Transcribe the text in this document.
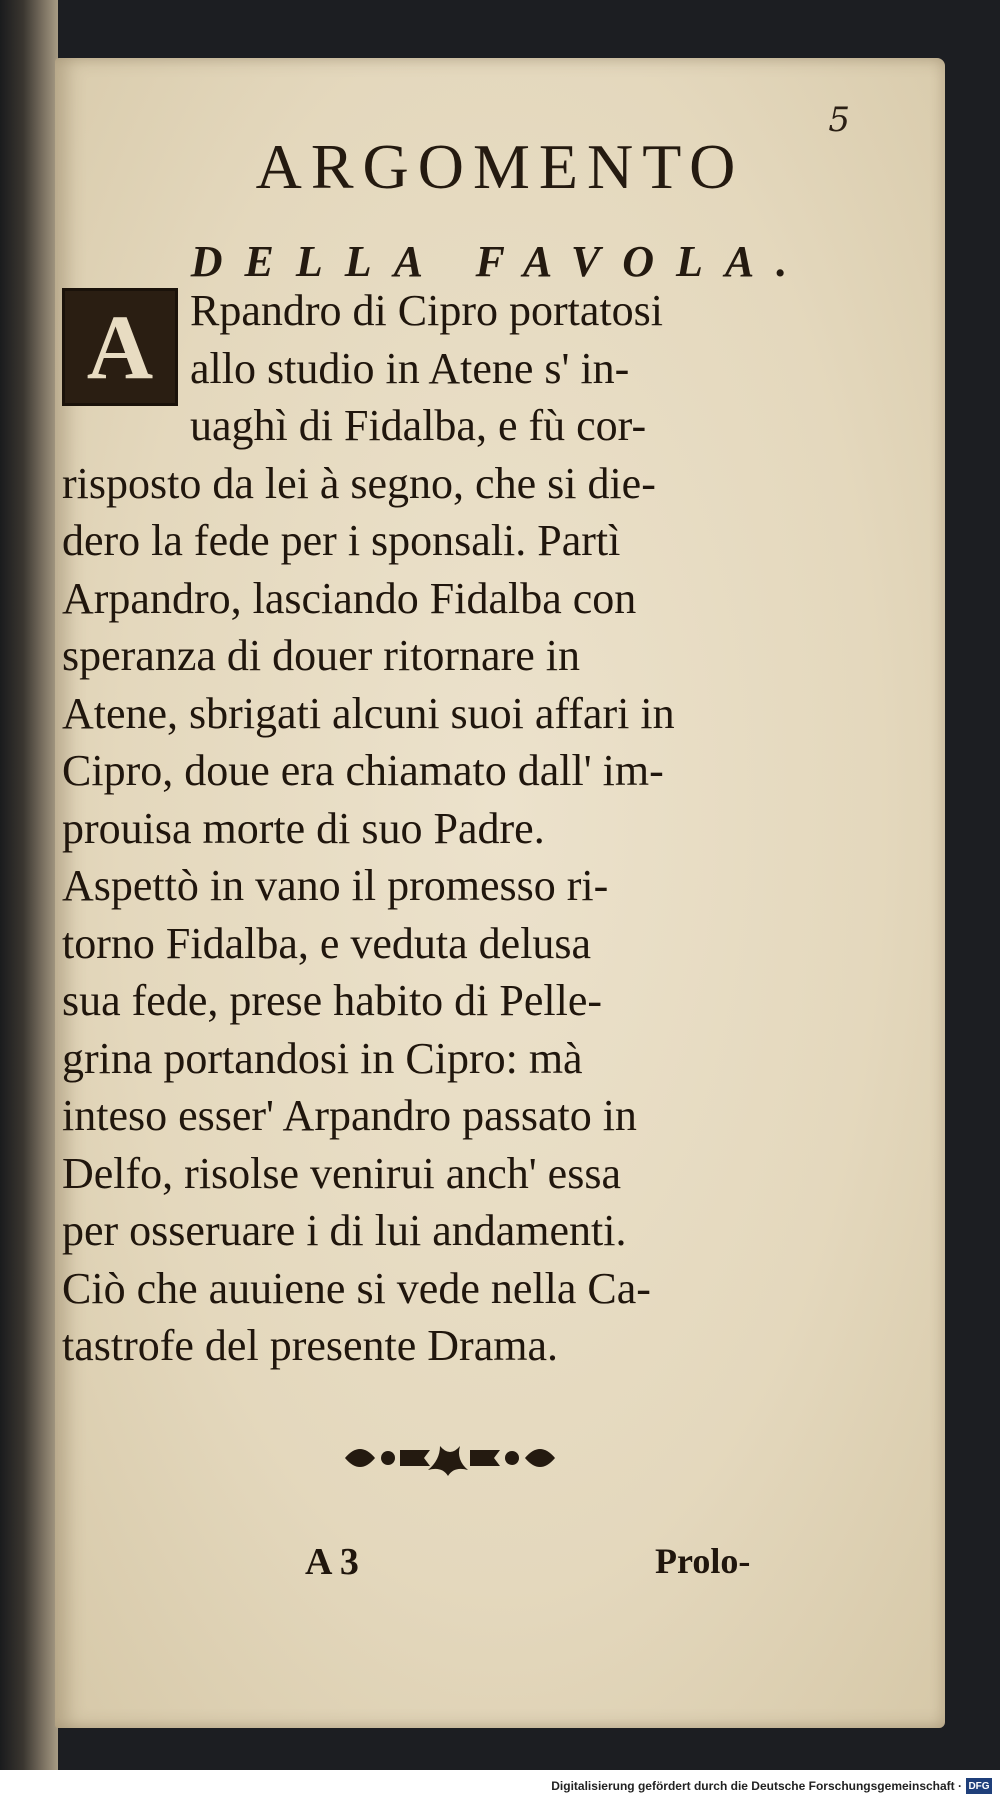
5
ARGOMENTO
DELLA FAVOLA.
A Rpandro di Cipro portatosi
allo studio in Atene s' in-
uaghì di Fidalba, e fù cor-
risposto da lei à segno, che si die-
dero la fede per i sponsali. Partì
Arpandro, lasciando Fidalba con
speranza di douer ritornare in
Atene, sbrigati alcuni suoi affari in
Cipro, doue era chiamato dall' im-
prouisa morte di suo Padre.
Aspettò in vano il promesso ri-
torno Fidalba, e veduta delusa
sua fede, prese habito di Pelle-
grina portandosi in Cipro: mà
inteso esser' Arpandro passato in
Delfo, risolse venirui anch' essa
per osseruare i di lui andamenti.
Ciò che auuiene si vede nella Ca-
tastrofe del presente Drama.
A 3	Prolo-
Digitalisierung gefördert durch die Deutsche Forschungsgemeinschaft · DFG
